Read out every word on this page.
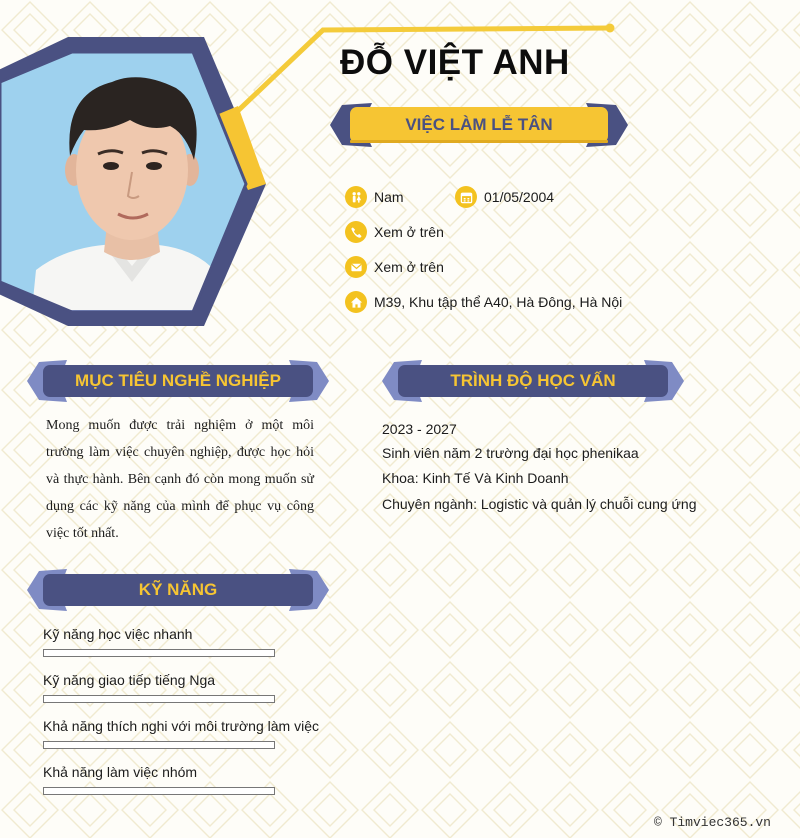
ĐỖ VIỆT ANH
VIỆC LÀM LỄ TÂN
Nam	01/05/2004
Xem ở trên
Xem ở trên
M39, Khu tập thể A40, Hà Đông, Hà Nội
MỤC TIÊU NGHỀ NGHIỆP	TRÌNH ĐỘ HỌC VẤN
KỸ NĂNG
Mong muốn được trải nghiệm ở một môi trường làm việc chuyên nghiệp, được học hỏi và thực hành. Bên cạnh đó còn mong muốn sử dụng các kỹ năng của mình để phục vụ công việc tốt nhất.
2023 - 2027
Sinh viên năm 2 trường đại học phenikaa
Khoa: Kinh Tế Và Kinh Doanh
Chuyên ngành: Logistic và quản lý chuỗi cung ứng
Kỹ năng học việc nhanh
Kỹ năng giao tiếp tiếng Nga
Khả năng thích nghi với môi trường làm việc
Khả năng làm việc nhóm
© Timviec365.vn
